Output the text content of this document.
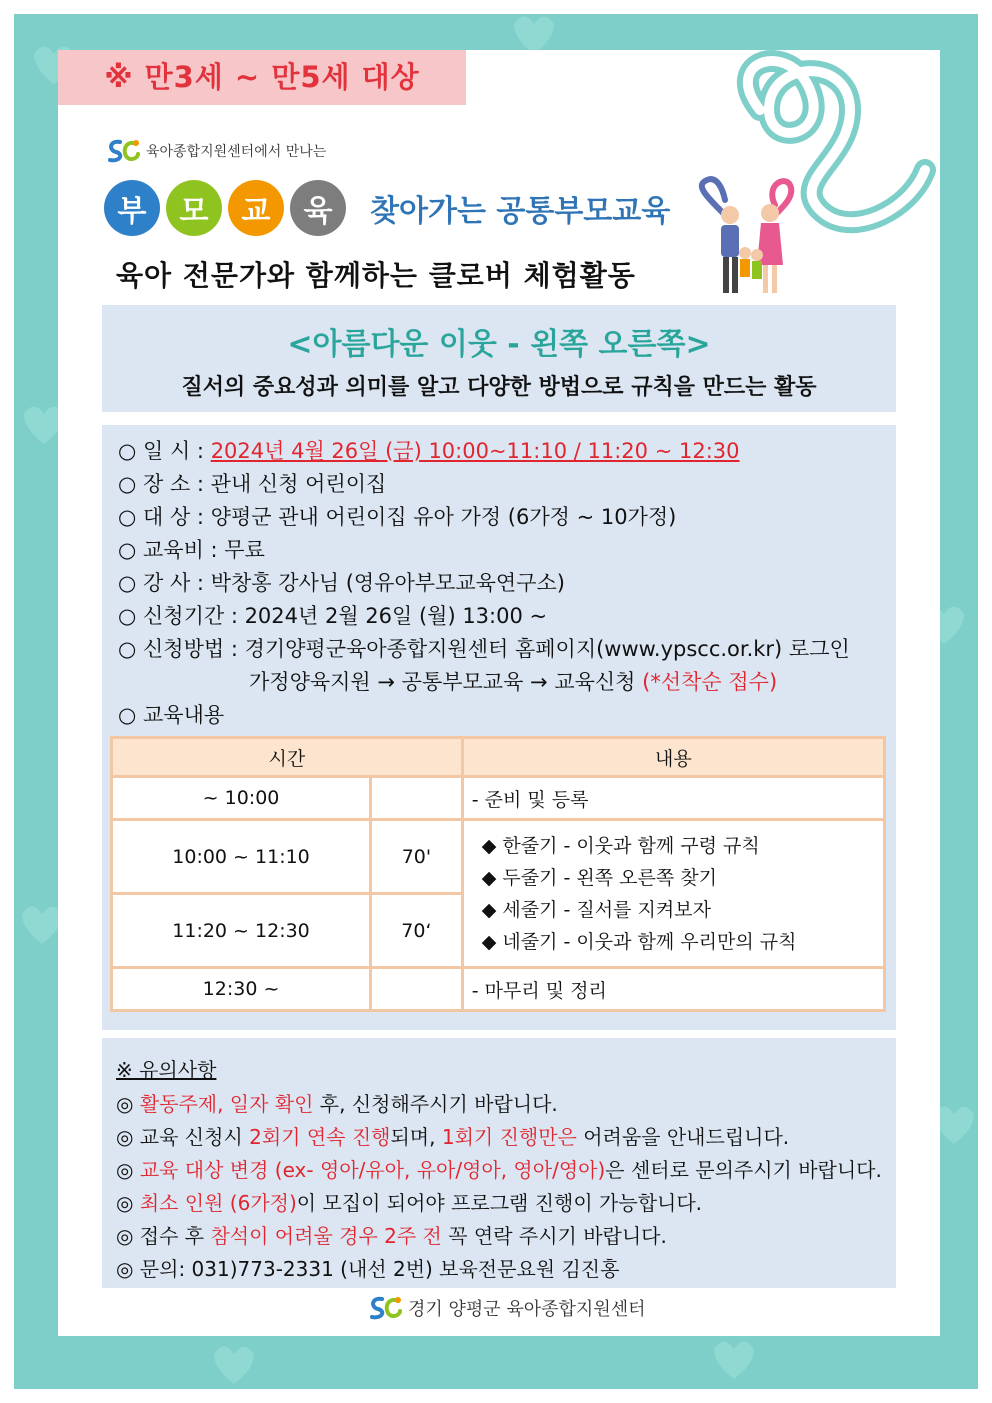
※ 만3세 ~ 만5세 대상
육아종합지원센터에서 만나는
부	모	교	육	찾아가는 공통부모교육
육아 전문가와 함께하는 클로버 체험활동
<아름다운 이웃 - 왼쪽 오른쪽>
질서의 중요성과 의미를 알고 다양한 방법으로 규칙을 만드는 활동
○ 일 시 : 2024년 4월 26일 (금) 10:00~11:10 / 11:20 ~ 12:30
○ 장 소 : 관내 신청 어린이집
○ 대 상 : 양평군 관내 어린이집 유아 가정 (6가정 ~ 10가정)
○ 교육비 : 무료
○ 강 사 : 박창홍 강사님 (영유아부모교육연구소)
○ 신청기간 : 2024년 2월 26일 (월) 13:00 ~
○ 신청방법 : 경기양평군육아종합지원센터 홈페이지(www.ypscc.or.kr) 로그인
가정양육지원 → 공통부모교육 → 교육신청 (*선착순 접수)
○ 교육내용
시간		내용
~ 10:00		- 준비 및 등록
10:00 ~ 11:10	70'	◆ 한줄기 - 이웃과 함께 구령 규칙
◆ 두줄기 - 왼쪽 오른쪽 찾기
◆ 세줄기 - 질서를 지켜보자
◆ 네줄기 - 이웃과 함께 우리만의 규칙

11:20 ~ 12:30	70‘	
12:30 ~		- 마무리 및 정리
※ 유의사항
◎ 활동주제, 일자 확인 후, 신청해주시기 바랍니다.
◎ 교육 신청시 2회기 연속 진행되며, 1회기 진행만은 어려움을 안내드립니다.
◎ 교육 대상 변경 (ex- 영아/유아, 유아/영아, 영아/영아)은 센터로 문의주시기 바랍니다.
◎ 최소 인원 (6가정)이 모집이 되어야 프로그램 진행이 가능합니다.
◎ 접수 후 참석이 어려울 경우 2주 전 꼭 연락 주시기 바랍니다.
◎ 문의: 031)773-2331 (내선 2번) 보육전문요원 김진홍
경기 양평군 육아종합지원센터
